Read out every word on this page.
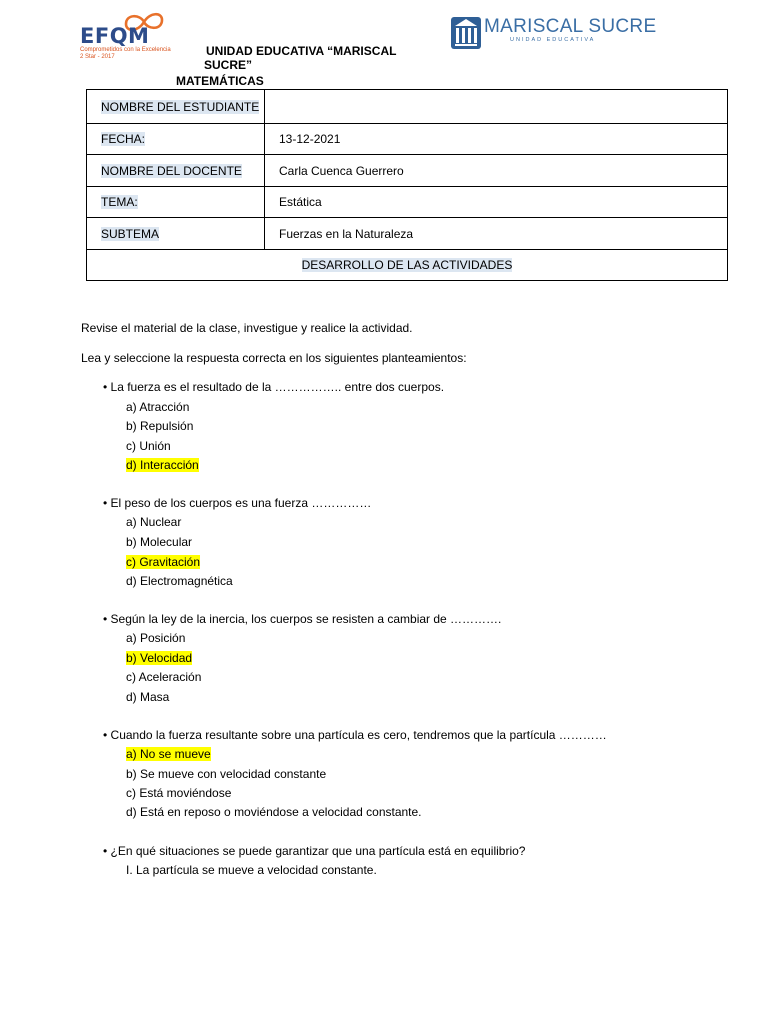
EFQM
Comprometidos con la Excelencia
2 Star - 2017
MARISCAL SUCRE
UNIDAD EDUCATIVA
UNIDAD EDUCATIVA “MARISCAL
SUCRE”
MATEMÁTICAS
NOMBRE DEL ESTUDIANTE	
FECHA:	13-12-2021
NOMBRE DEL DOCENTE	Carla Cuenca Guerrero
TEMA:	Estática
SUBTEMA	Fuerzas en la Naturaleza
DESARROLLO DE LAS ACTIVIDADES	
Revise el material de la clase, investigue y realice la actividad.
Lea y seleccione la respuesta correcta en los siguientes planteamientos:
• La fuerza es el resultado de la …………….. entre dos cuerpos.
a) Atracción
b) Repulsión
c) Unión
d) Interacción
• El peso de los cuerpos es una fuerza ……………
a) Nuclear
b) Molecular
c) Gravitación
d) Electromagnética
• Según la ley de la inercia, los cuerpos se resisten a cambiar de ………….
a) Posición
b) Velocidad
c) Aceleración
d) Masa
• Cuando la fuerza resultante sobre una partícula es cero, tendremos que la partícula …………
a) No se mueve
b) Se mueve con velocidad constante
c) Está moviéndose
d) Está en reposo o moviéndose a velocidad constante.
• ¿En qué situaciones se puede garantizar que una partícula está en equilibrio?
I. La partícula se mueve a velocidad constante.
